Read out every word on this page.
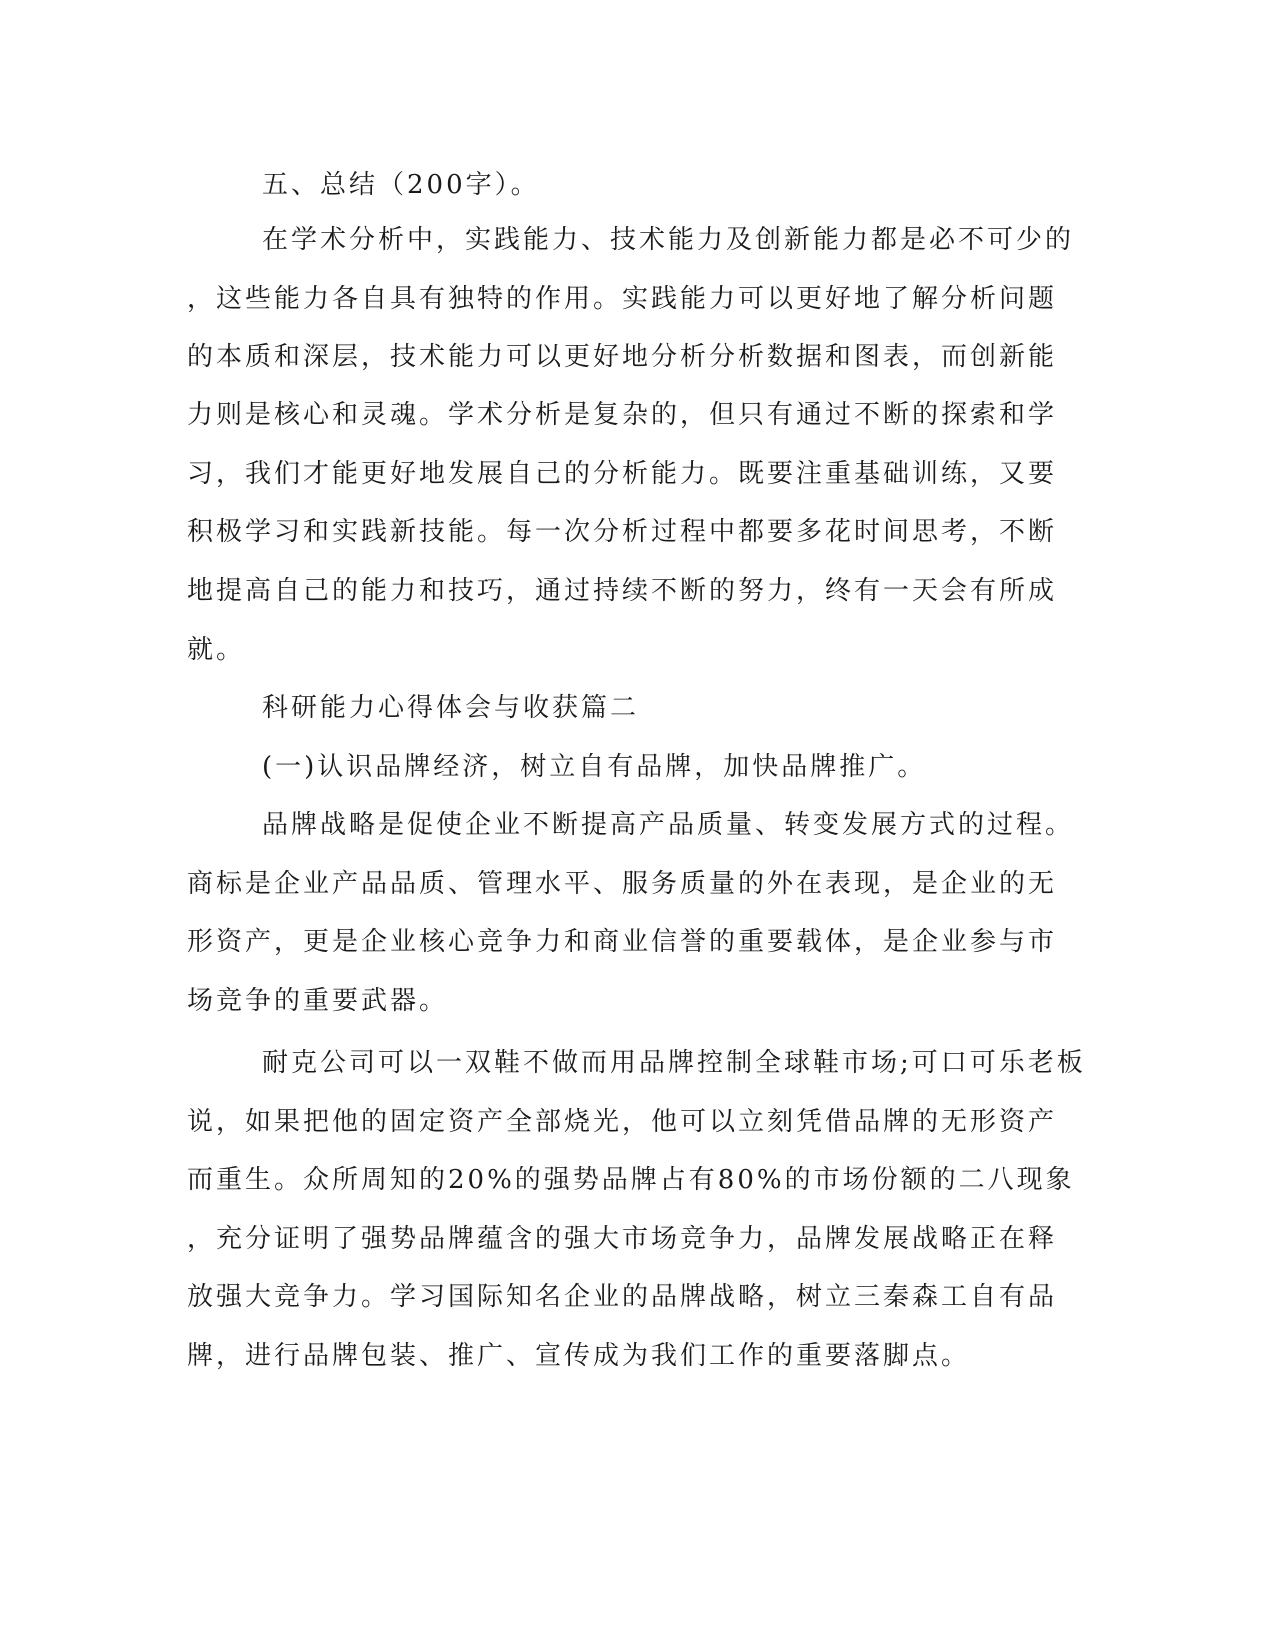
五、总结（200字）。

在学术分析中，实践能力、技术能力及创新能力都是必不可少的

，这些能力各自具有独特的作用。实践能力可以更好地了解分析问题

的本质和深层，技术能力可以更好地分析分析数据和图表，而创新能

力则是核心和灵魂。学术分析是复杂的，但只有通过不断的探索和学

习，我们才能更好地发展自己的分析能力。既要注重基础训练，又要

积极学习和实践新技能。每一次分析过程中都要多花时间思考，不断

地提高自己的能力和技巧，通过持续不断的努力，终有一天会有所成

就。

科研能力心得体会与收获篇二

(一)认识品牌经济，树立自有品牌，加快品牌推广。

品牌战略是促使企业不断提高产品质量、转变发展方式的过程。

商标是企业产品品质、管理水平、服务质量的外在表现，是企业的无

形资产，更是企业核心竞争力和商业信誉的重要载体，是企业参与市

场竞争的重要武器。

耐克公司可以一双鞋不做而用品牌控制全球鞋市场;可口可乐老板

说，如果把他的固定资产全部烧光，他可以立刻凭借品牌的无形资产

而重生。众所周知的20%的强势品牌占有80%的市场份额的二八现象

，充分证明了强势品牌蕴含的强大市场竞争力，品牌发展战略正在释

放强大竞争力。学习国际知名企业的品牌战略，树立三秦森工自有品

牌，进行品牌包装、推广、宣传成为我们工作的重要落脚点。
